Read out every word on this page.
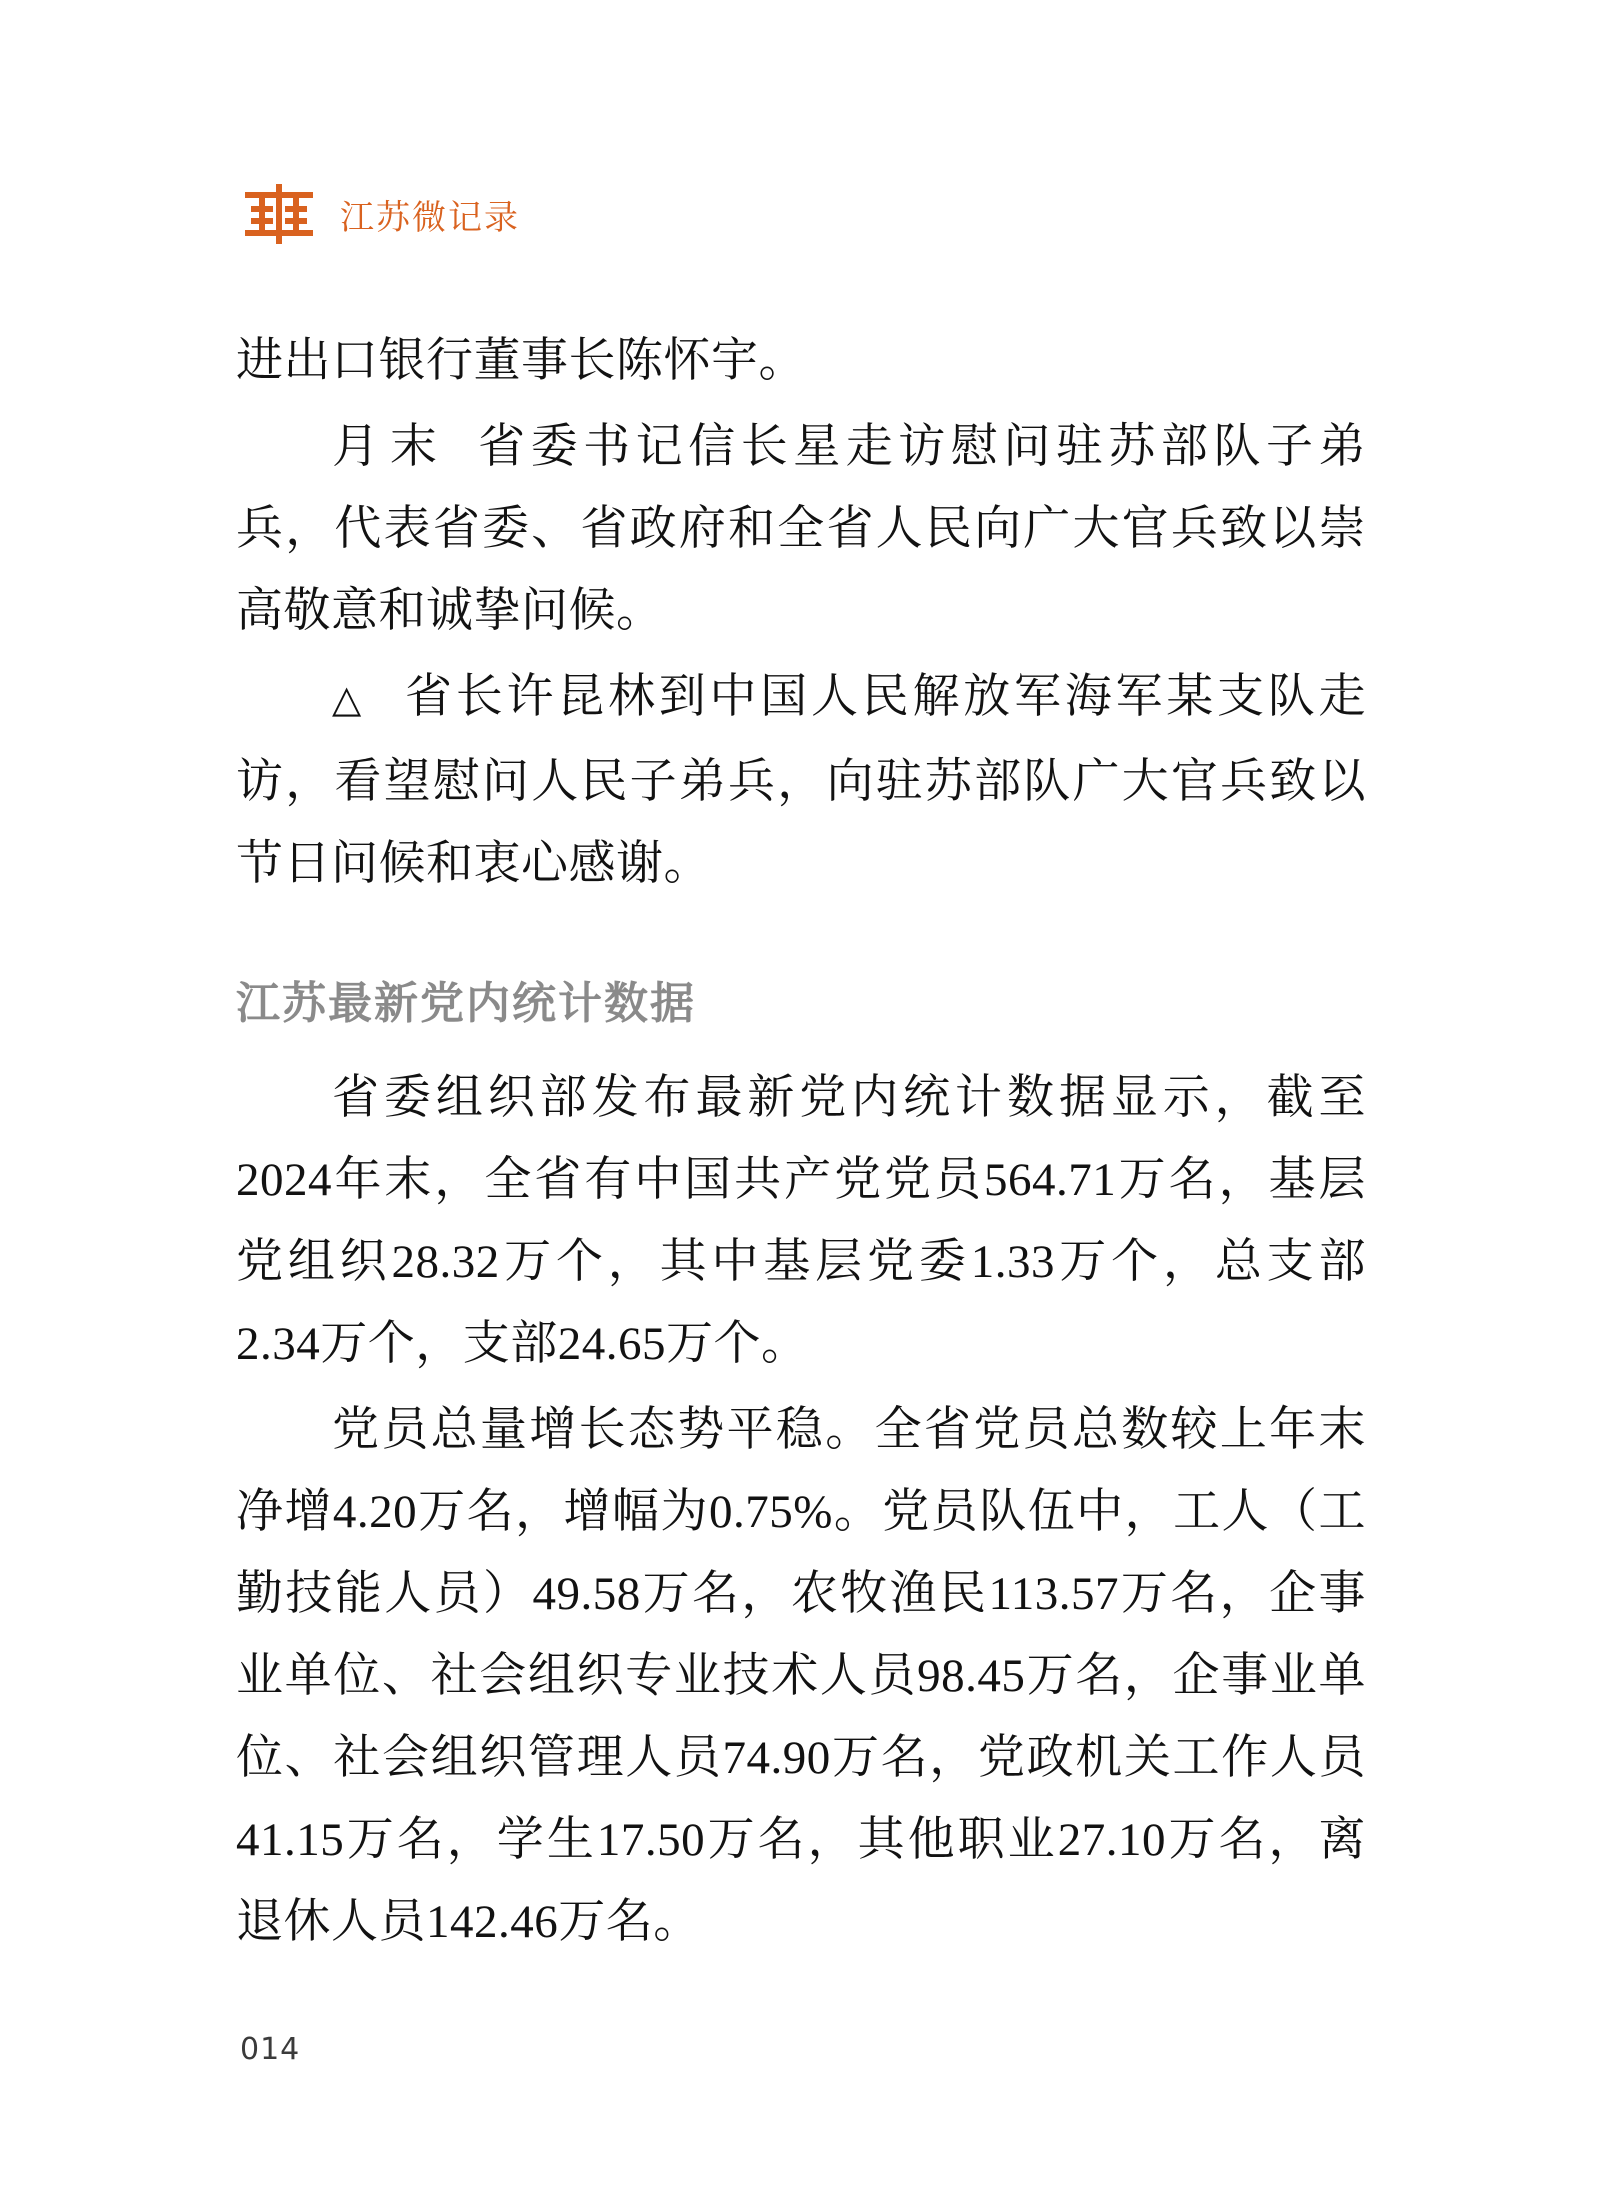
江苏微记录

进出口银行董事长陈怀宇。

月末 省委书记信长星走访慰问驻苏部队子弟兵，代表省委、省政府和全省人民向广大官兵致以崇高敬意和诚挚问候。

△ 省长许昆林到中国人民解放军海军某支队走访，看望慰问人民子弟兵，向驻苏部队广大官兵致以节日问候和衷心感谢。

江苏最新党内统计数据

省委组织部发布最新党内统计数据显示，截至2024年末，全省有中国共产党党员564.71万名，基层党组织28.32万个，其中基层党委1.33万个，总支部2.34万个，支部24.65万个。

党员总量增长态势平稳。全省党员总数较上年末净增4.20万名，增幅为0.75%。党员队伍中，工人（工勤技能人员）49.58万名，农牧渔民113.57万名，企事业单位、社会组织专业技术人员98.45万名，企事业单位、社会组织管理人员74.90万名，党政机关工作人员41.15万名，学生17.50万名，其他职业27.10万名，离退休人员142.46万名。

014
